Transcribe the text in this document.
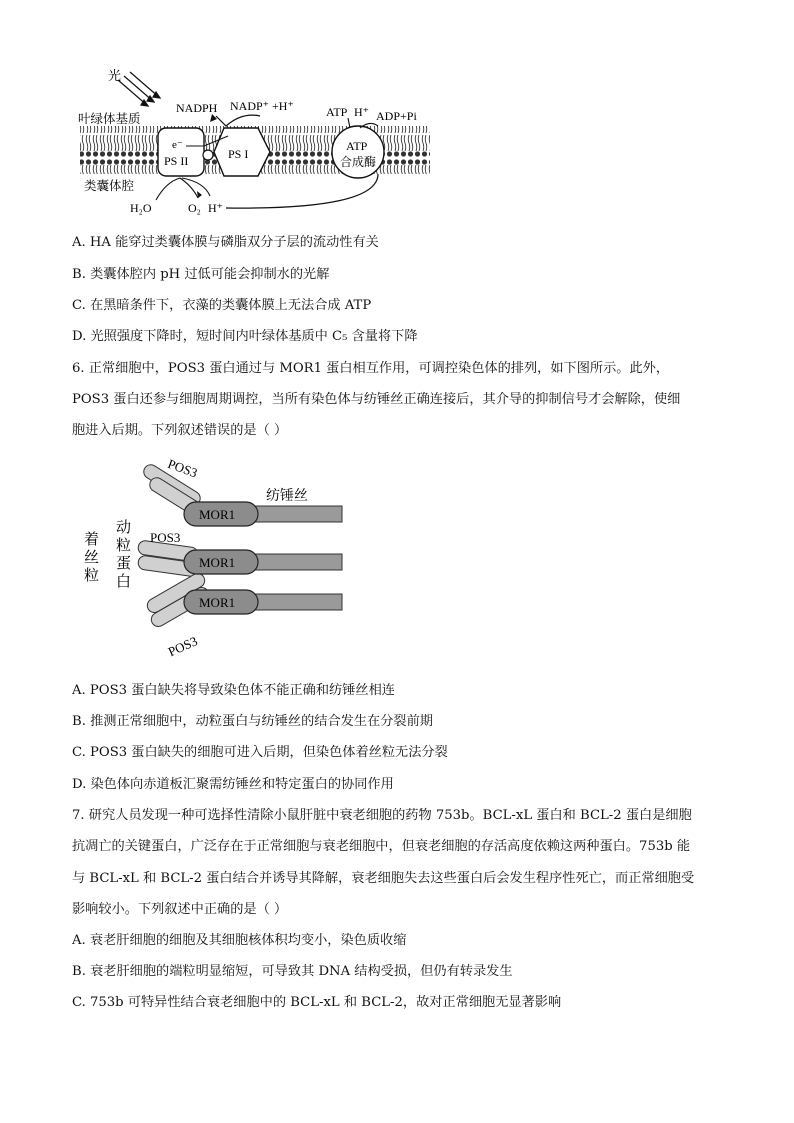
光
叶绿体基质
类囊体腔
e⁻
PS II	PS I
NADPH NADP⁺ +H⁺
ATP
合成酶
ATP H⁺ ADP+Pi
H₂O	O₂ H⁺
A. HA 能穿过类囊体膜与磷脂双分子层的流动性有关
B. 类囊体腔内 pH 过低可能会抑制水的光解
C. 在黑暗条件下，衣藻的类囊体膜上无法合成 ATP
D. 光照强度下降时，短时间内叶绿体基质中 C₅ 含量将下降
6. 正常细胞中，POS3 蛋白通过与 MOR1 蛋白相互作用，可调控染色体的排列，如下图所示。此外，
POS3 蛋白还参与细胞周期调控，当所有染色体与纺锤丝正确连接后，其介导的抑制信号才会解除，使细
胞进入后期。下列叙述错误的是（ ）
MOR1
MOR1
MOR1
POS3
POS3
POS3
纺锤丝
着
丝
粒
动
粒
蛋
白
A. POS3 蛋白缺失将导致染色体不能正确和纺锤丝相连
B. 推测正常细胞中，动粒蛋白与纺锤丝的结合发生在分裂前期
C. POS3 蛋白缺失的细胞可进入后期，但染色体着丝粒无法分裂
D. 染色体向赤道板汇聚需纺锤丝和特定蛋白的协同作用
7. 研究人员发现一种可选择性清除小鼠肝脏中衰老细胞的药物 753b。BCL-xL 蛋白和 BCL-2 蛋白是细胞
抗凋亡的关键蛋白，广泛存在于正常细胞与衰老细胞中，但衰老细胞的存活高度依赖这两种蛋白。753b 能
与 BCL-xL 和 BCL-2 蛋白结合并诱导其降解，衰老细胞失去这些蛋白后会发生程序性死亡，而正常细胞受
影响较小。下列叙述中正确的是（ ）
A. 衰老肝细胞的细胞及其细胞核体积均变小，染色质收缩
B. 衰老肝细胞的端粒明显缩短，可导致其 DNA 结构受损，但仍有转录发生
C. 753b 可特异性结合衰老细胞中的 BCL-xL 和 BCL-2，故对正常细胞无显著影响
